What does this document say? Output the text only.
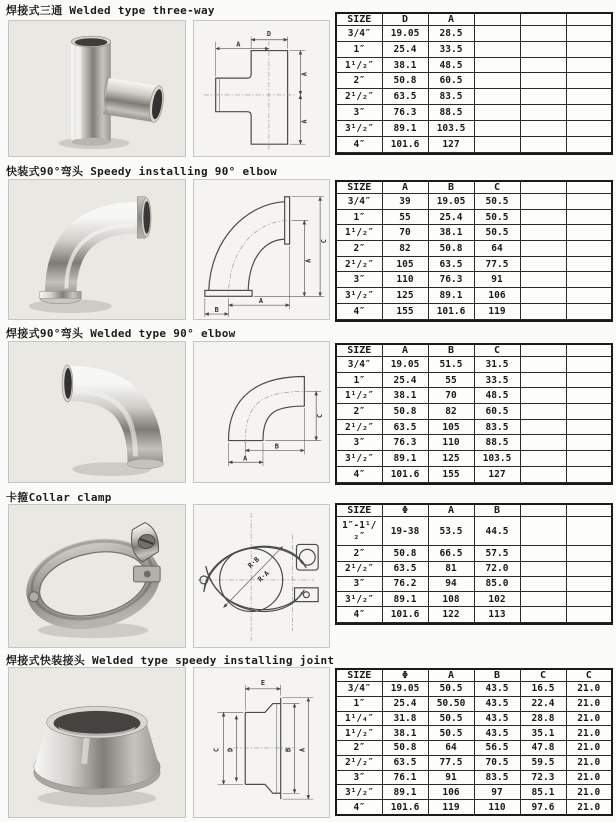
焊接式三通 Welded type three-way
D
A
A
A
SIZE	D	A			
3/4″	19.05	28.5			
1″	25.4	33.5			
1¹/₂″	38.1	48.5			
2″	50.8	60.5			
2¹/₂″	63.5	83.5			
3″	76.3	88.5			
3¹/₂″	89.1	103.5			
4″	101.6	127			

快装式90°弯头 Speedy installing 90° elbow
C
A
A
B
SIZE	A	B	C		
3/4″	39	19.05	50.5		
1″	55	25.4	50.5		
1¹/₂″	70	38.1	50.5		
2″	82	50.8	64		
2¹/₂″	105	63.5	77.5		
3″	110	76.3	91		
3¹/₂″	125	89.1	106		
4″	155	101.6	119		

焊接式90°弯头 Welded type 90° elbow
B
A
C
SIZE	A	B	C		
3/4″	19.05	51.5	31.5		
1″	25.4	55	33.5		
1¹/₂″	38.1	70	48.5		
2″	50.8	82	60.5		
2¹/₂″	63.5	105	83.5		
3″	76.3	110	88.5		
3¹/₂″	89.1	125	103.5		
4″	101.6	155	127		

卡箍Collar clamp
R·B
R·A
SIZE	Φ	A	B		
1″-1¹/₂″	19-38	53.5	44.5		
2″	50.8	66.5	57.5		
2¹/₂″	63.5	81	72.0		
3″	76.2	94	85.0		
3¹/₂″	89.1	108	102		
4″	101.6	122	113		

焊接式快装接头 Welded type speedy installing joint
E
C D	B A
SIZE	Φ	A	B	C	C
3/4″	19.05	50.5	43.5	16.5	21.0
1″	25.4	50.50	43.5	22.4	21.0
1¹/₄″	31.8	50.5	43.5	28.8	21.0
1¹/₂″	38.1	50.5	43.5	35.1	21.0
2″	50.8	64	56.5	47.8	21.0
2¹/₂″	63.5	77.5	70.5	59.5	21.0
3″	76.1	91	83.5	72.3	21.0
3¹/₂″	89.1	106	97	85.1	21.0
4″	101.6	119	110	97.6	21.0
